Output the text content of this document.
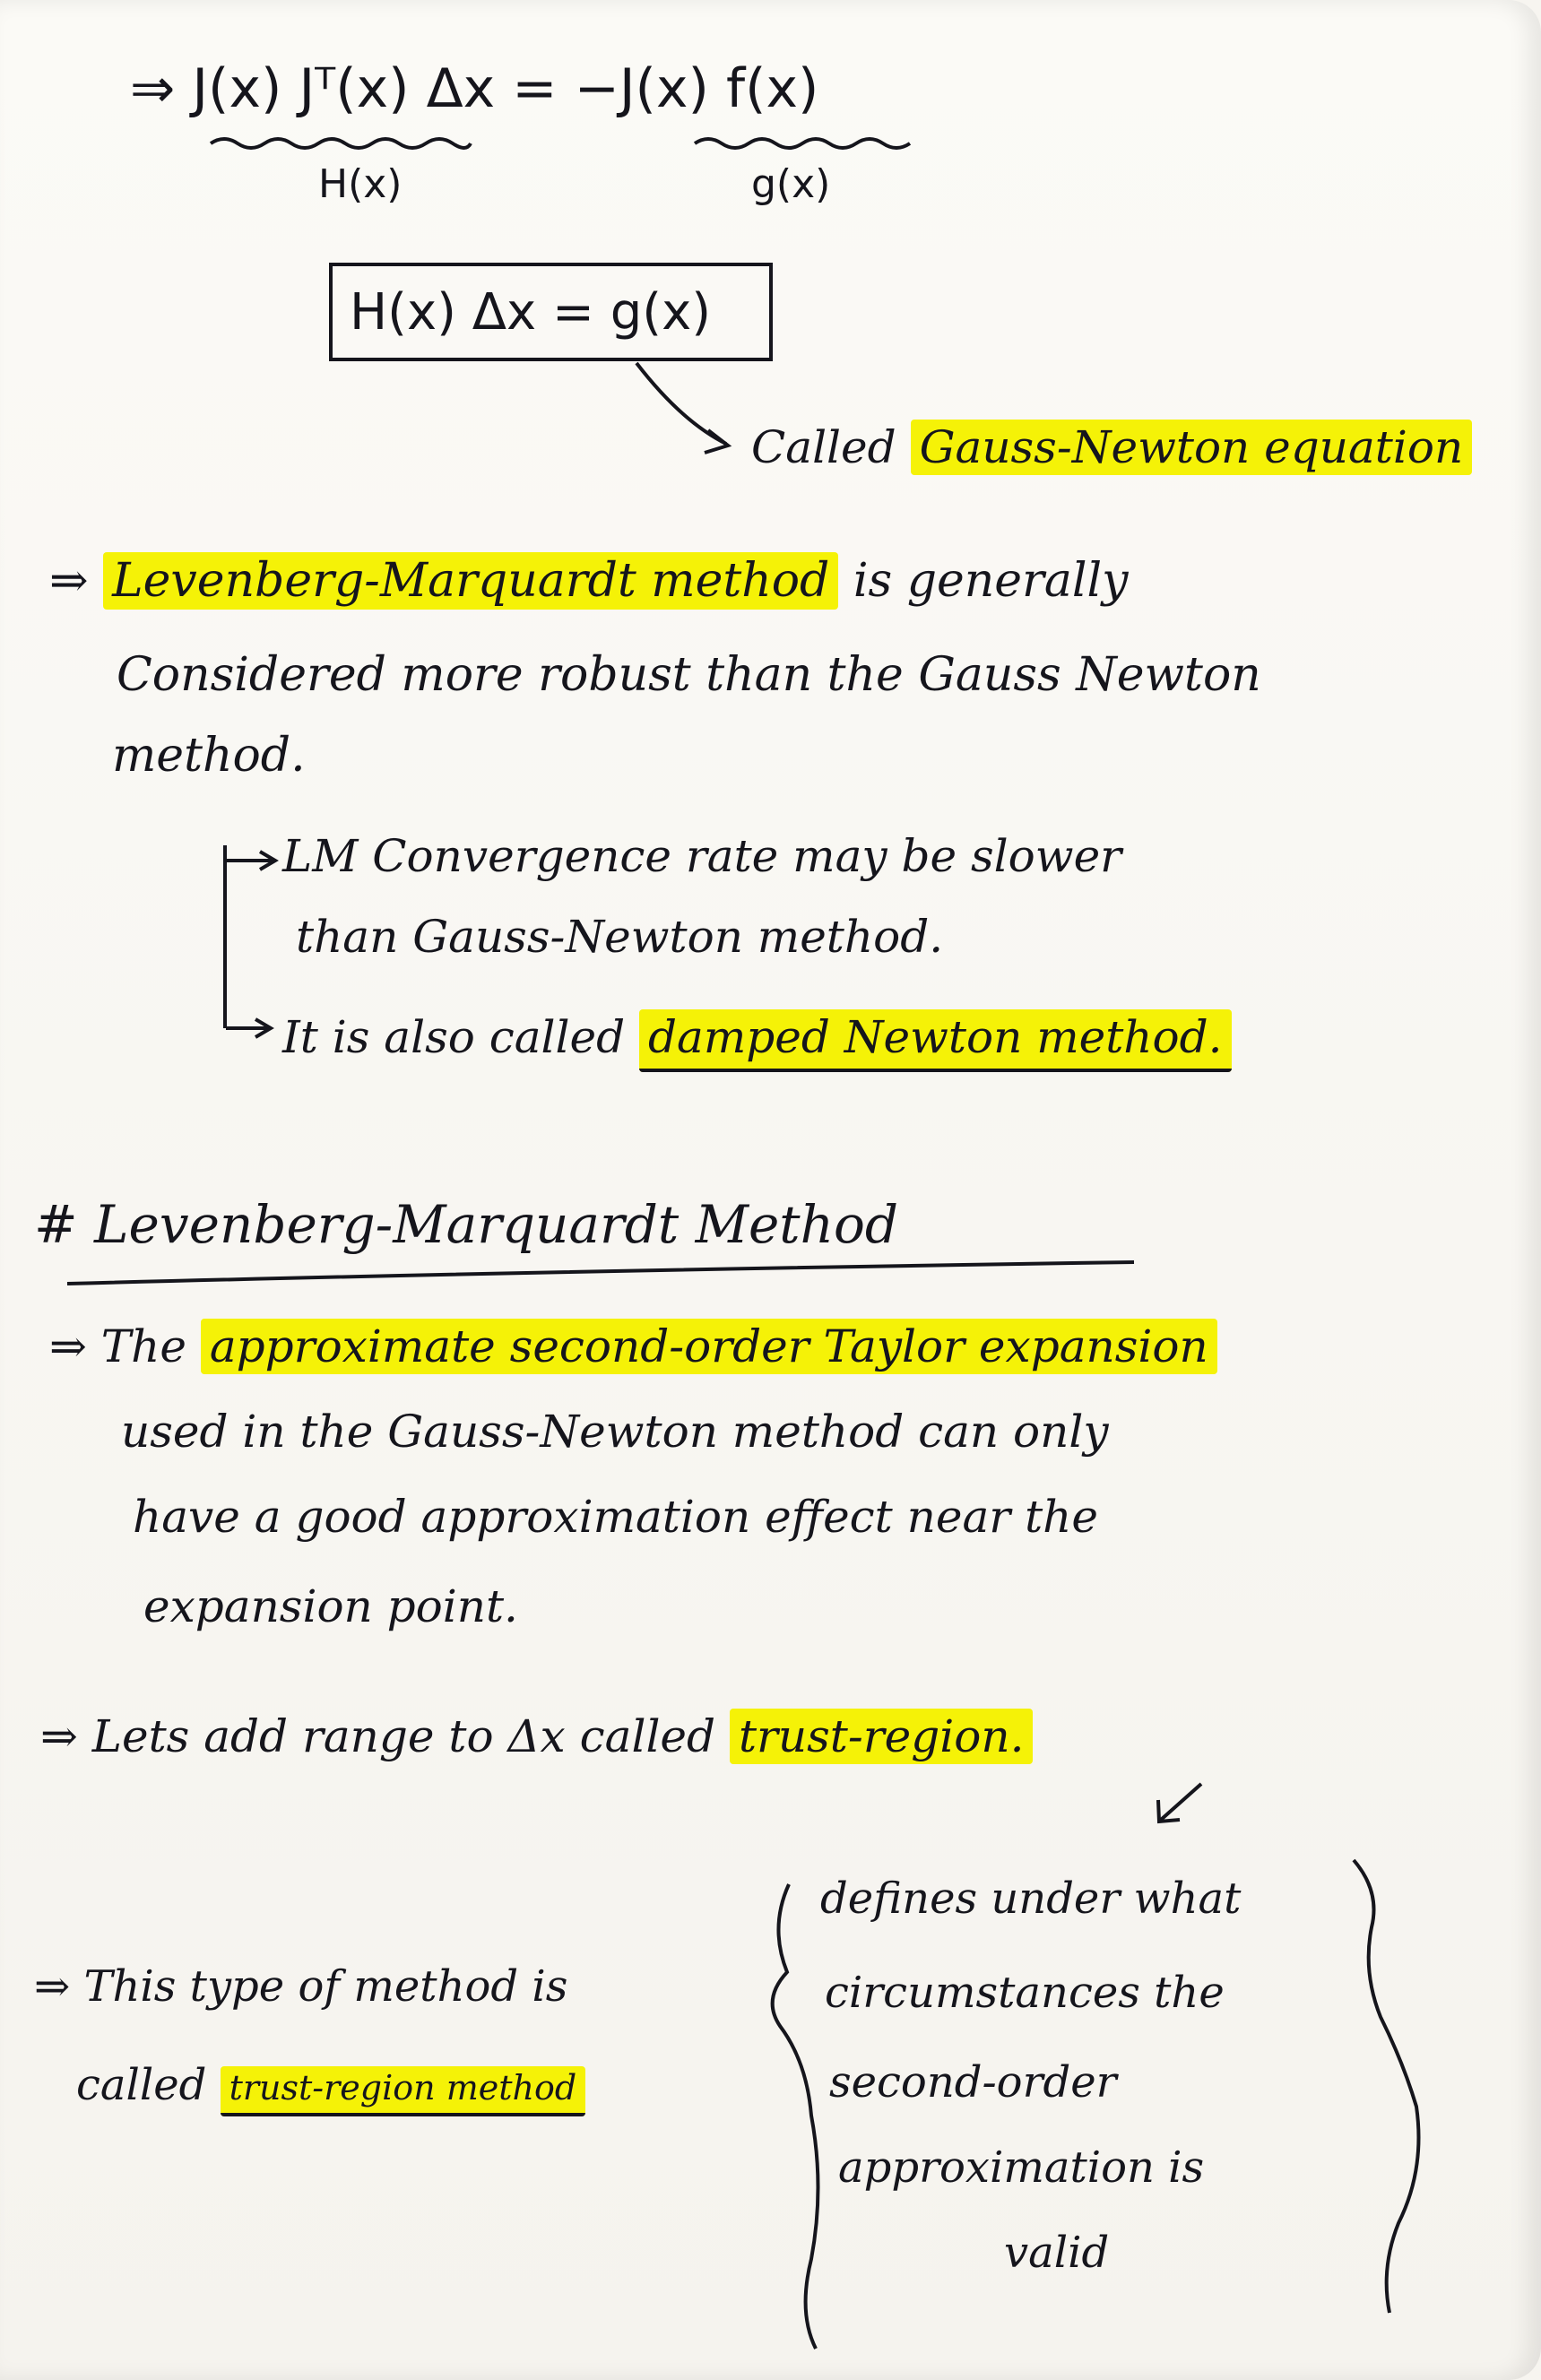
⇒ J(x) Jᵀ(x) Δx = −J(x) f(x)
H(x)	g(x)
H(x) Δx = g(x)
Called Gauss-Newton equation
⇒ Levenberg-Marquardt method is generally
Considered more robust than the Gauss Newton
method.
LM Convergence rate may be slower
than Gauss-Newton method.
It is also called damped Newton method.
# Levenberg-Marquardt Method
⇒ The approximate second-order Taylor expansion
used in the Gauss-Newton method can only
have a good approximation effect near the
expansion point.
⇒ Lets add range to Δx called trust-region.
⇒ This type of method is
called trust-region method
defines under what
circumstances the
second-order
approximation is
valid
